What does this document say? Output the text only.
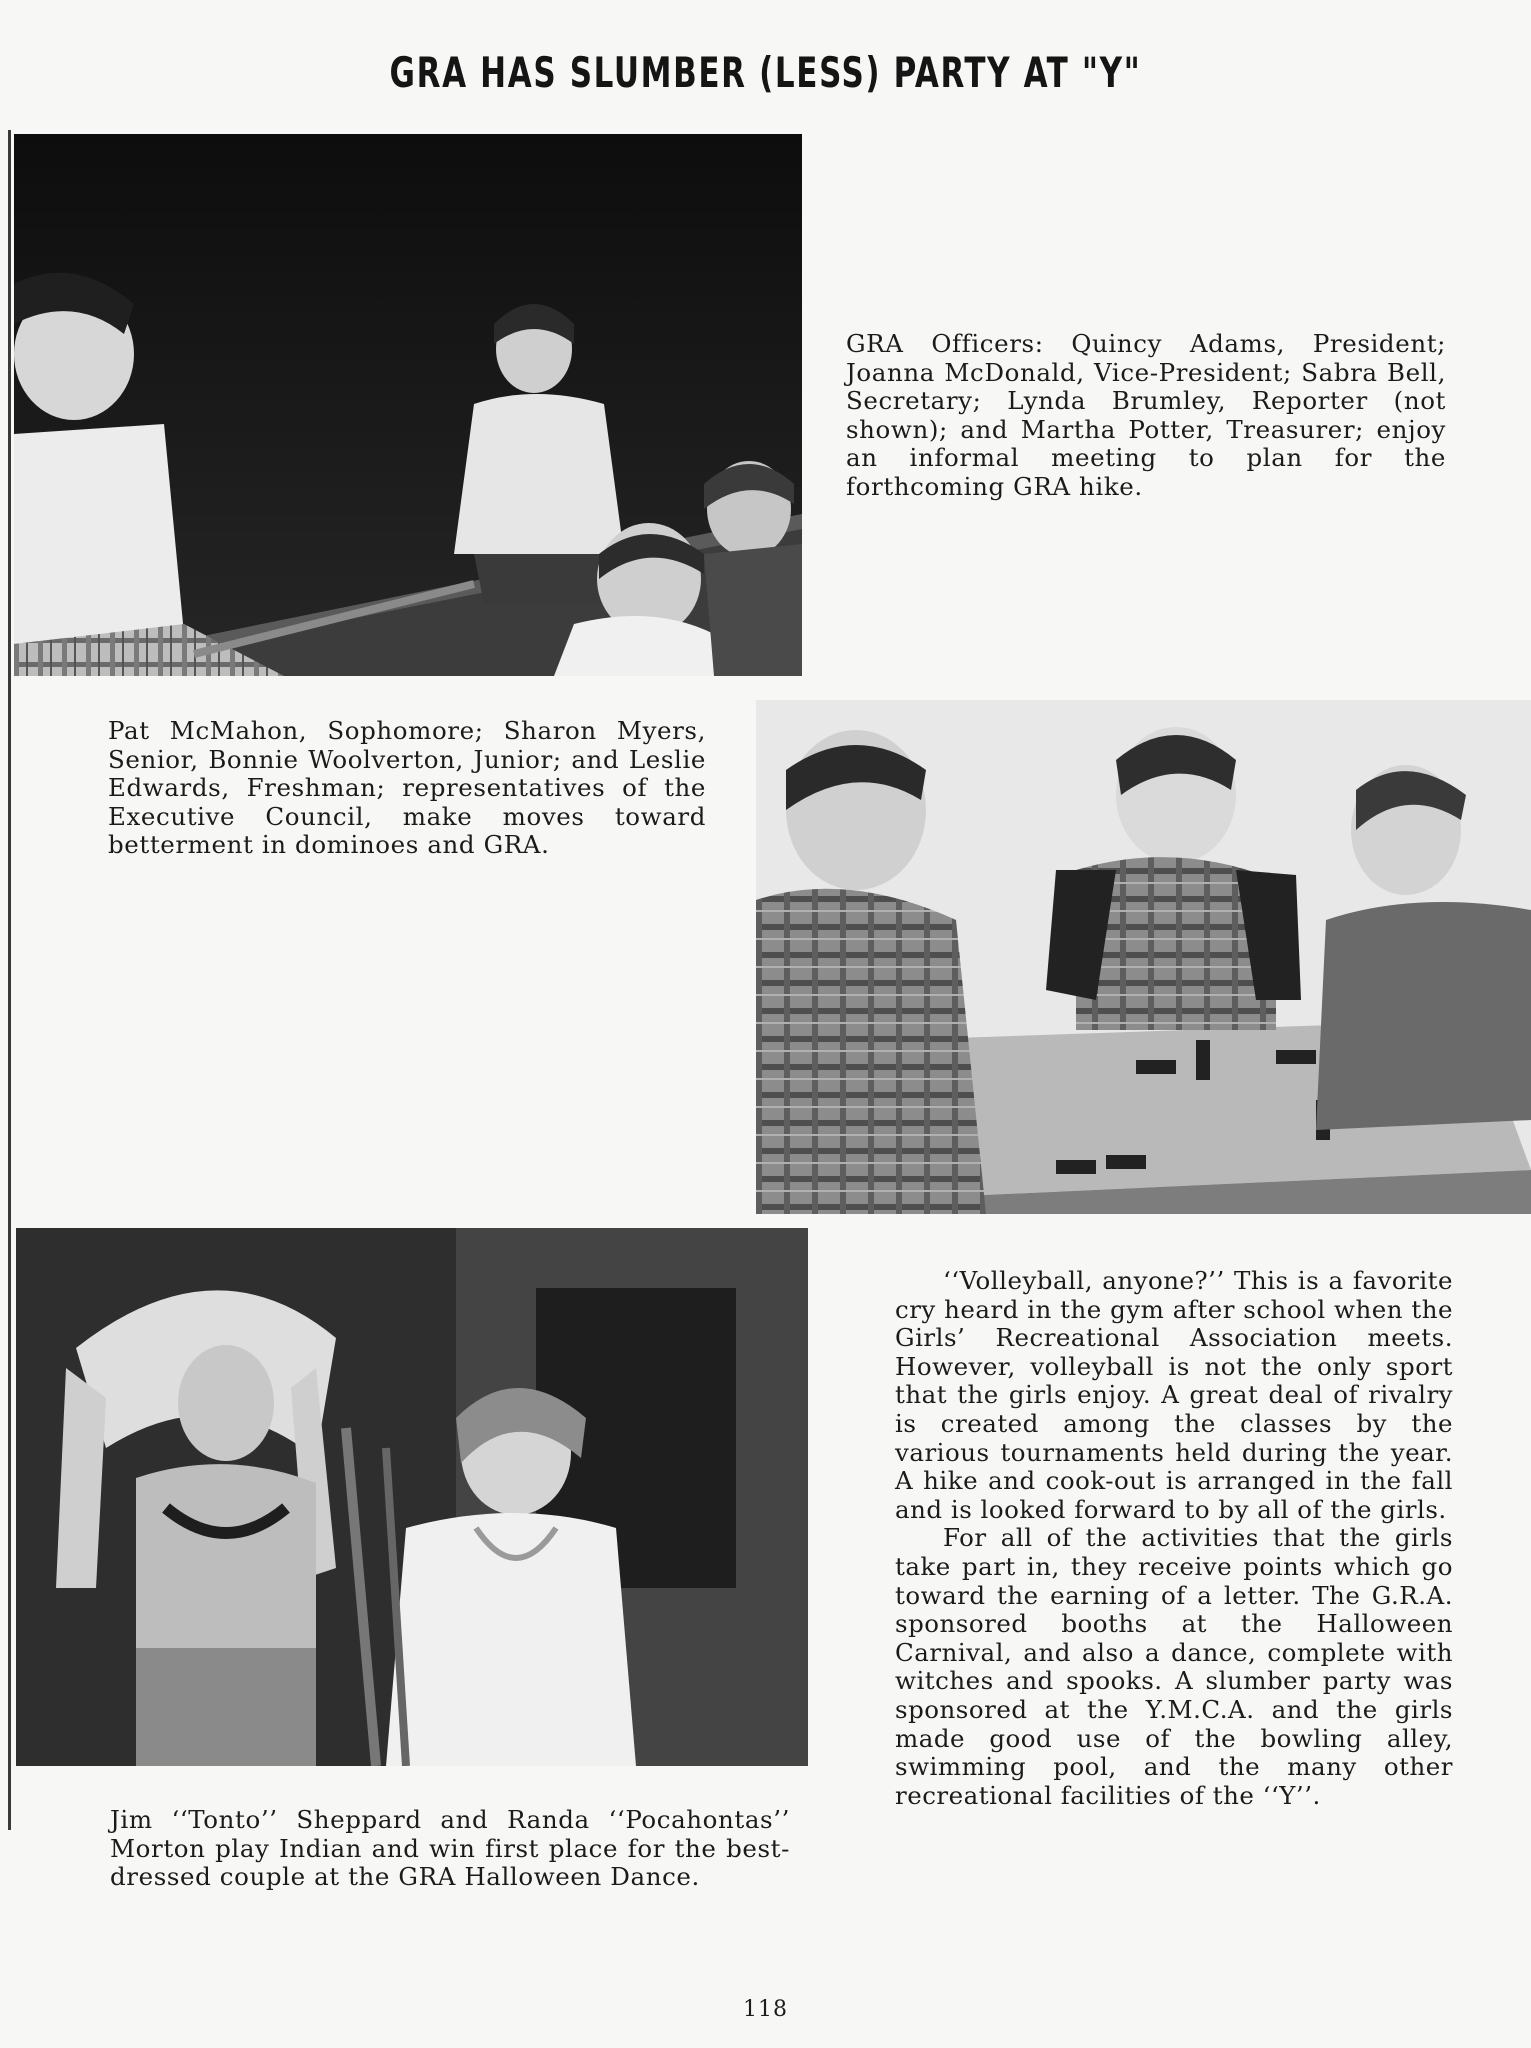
GRA HAS SLUMBER (LESS) PARTY AT "Y"

GRA Officers: Quincy Adams, President; Joanna McDonald, Vice-President; Sabra Bell, Secretary; Lynda Brumley, Reporter (not shown); and Martha Potter, Treasurer; enjoy an informal meeting to plan for the forthcoming GRA hike.

Pat McMahon, Sophomore; Sharon Myers, Senior, Bonnie Woolverton, Junior; and Leslie Edwards, Freshman; representatives of the Executive Council, make moves toward betterment in dominoes and GRA.

Jim ‘‘Tonto’’ Sheppard and Randa ‘‘Pocahontas’’ Morton play Indian and win first place for the best-dressed couple at the GRA Halloween Dance.

‘‘Volleyball, anyone?’’ This is a favorite cry heard in the gym after school when the Girls’ Recreational Association meets. However, volleyball is not the only sport that the girls enjoy. A great deal of rivalry is created among the classes by the various tournaments held during the year. A hike and cook-out is arranged in the fall and is looked forward to by all of the girls.

For all of the activities that the girls take part in, they receive points which go toward the earning of a letter. The G.R.A. sponsored booths at the Halloween Carnival, and also a dance, complete with witches and spooks. A slumber party was sponsored at the Y.M.C.A. and the girls made good use of the bowling alley, swimming pool, and the many other recreational facilities of the ‘‘Y’’.

118
